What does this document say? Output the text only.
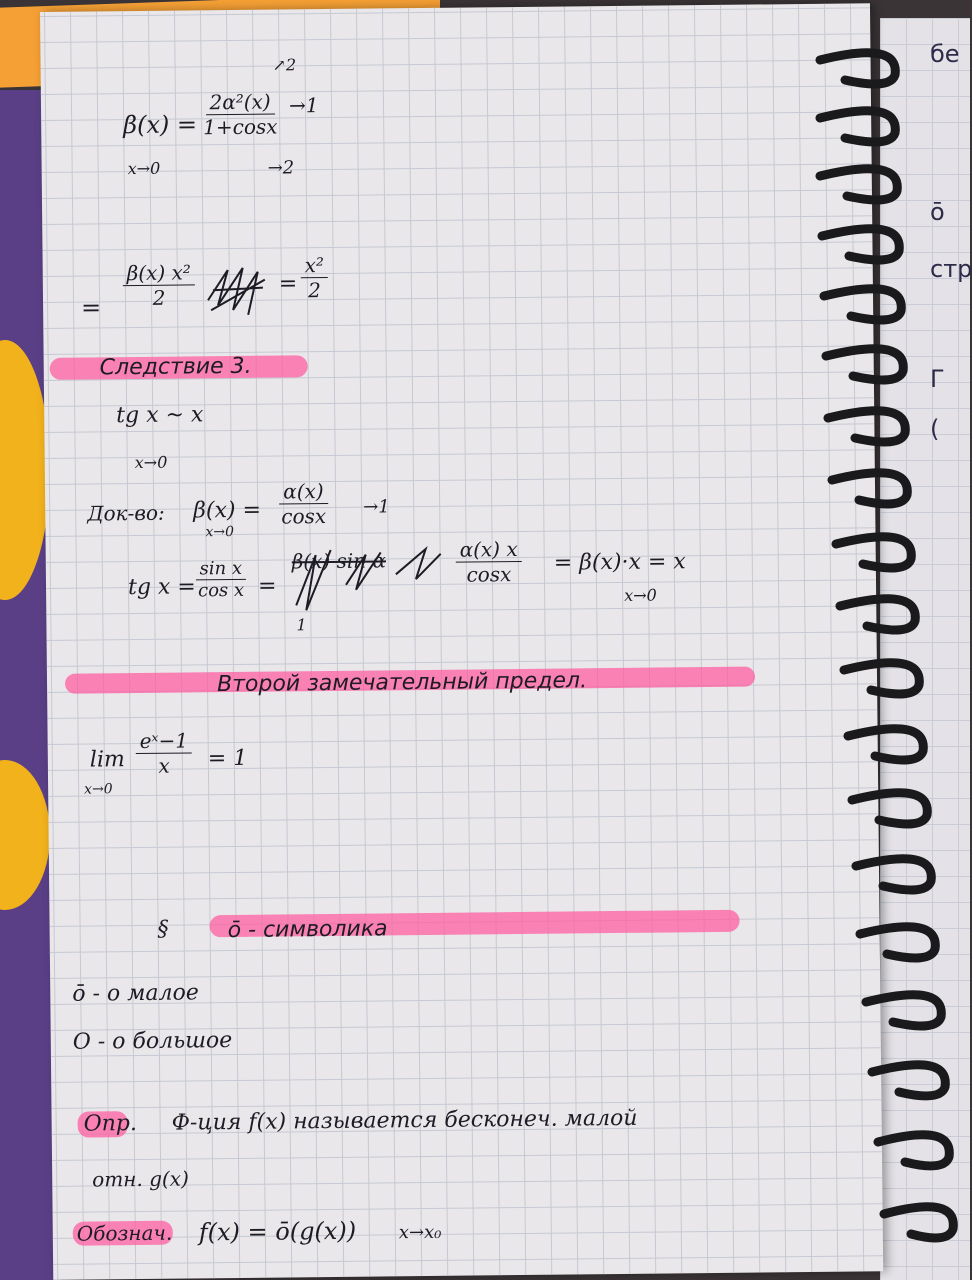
бе
ō
стр
Г
(
$\beta(x) = \frac{\text{2α²(x)}}{1+\cos x}$
↗2
→1
→2
x→0
= $\frac{\text{β(x) x²}}{2}$	= $\frac{\text{x²}}{2}$
Следствие 3.
tg x ~ x
x→0
Док-во: $\beta(x) = \frac{\alpha(x)}{\cos x}$
x→0
→1
tg x =
$\frac{\text{sin x}}{\text{cos x}}$ =
β(x) sin α
1
$\frac{\alpha(x) x}{\cos x} = \beta(x)\cdot x = x$
x→0
Второй замечательный предел.
lim
x→0
$\frac{\text{eˣ−1}}{x} = 1$
§	ō - символика
ō - о малое
O - о большое
Опр. Ф-ция f(x) называется бесконеч. малой
отн. g(x)
Обознач. f(x) = ō(g(x)) x→x₀
